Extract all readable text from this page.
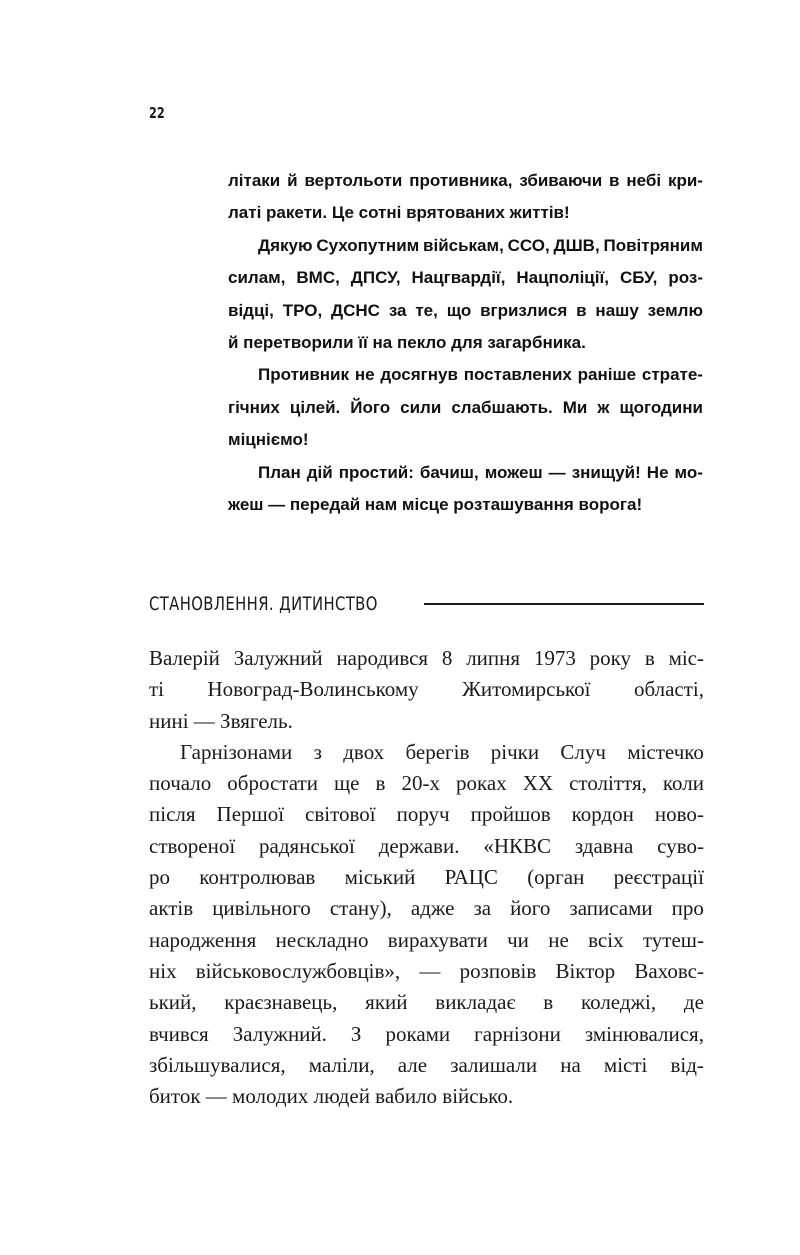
22
літаки й вертольоти противника, збиваючи в небі кри-
латі ракети. Це сотні врятованих життів!
Дякую Сухопутним військам, ССО, ДШВ, Повітряним
силам, ВМС, ДПСУ, Нацгвардії, Нацполіції, СБУ, роз-
відці, ТРО, ДСНС за те, що вгризлися в нашу землю
й перетворили її на пекло для загарбника.
Противник не досягнув поставлених раніше страте-
гічних цілей. Його сили слабшають. Ми ж щогодини
міцніємо!
План дій простий: бачиш, можеш — знищуй! Не мо-
жеш — передай нам місце розташування ворога!
СТАНОВЛЕННЯ. ДИТИНСТВО
Валерій Залужний народився 8 липня 1973 року в міс-
ті Новоград-Волинському Житомирської області,
нині — Звягель.
Гарнізонами з двох берегів річки Случ містечко
почало обростати ще в 20-х роках XX століття, коли
після Першої світової поруч пройшов кордон ново-
створеної радянської держави. «НКВС здавна суво-
ро контролював міський РАЦС (орган реєстрації
актів цивільного стану), адже за його записами про
народження нескладно вирахувати чи не всіх тутеш-
ніх військовослужбовців», — розповів Віктор Ваховс-
ький, краєзнавець, який викладає в коледжі, де
вчився Залужний. З роками гарнізони змінювалися,
збільшувалися, маліли, але залишали на місті від-
биток — молодих людей вабило військо.
